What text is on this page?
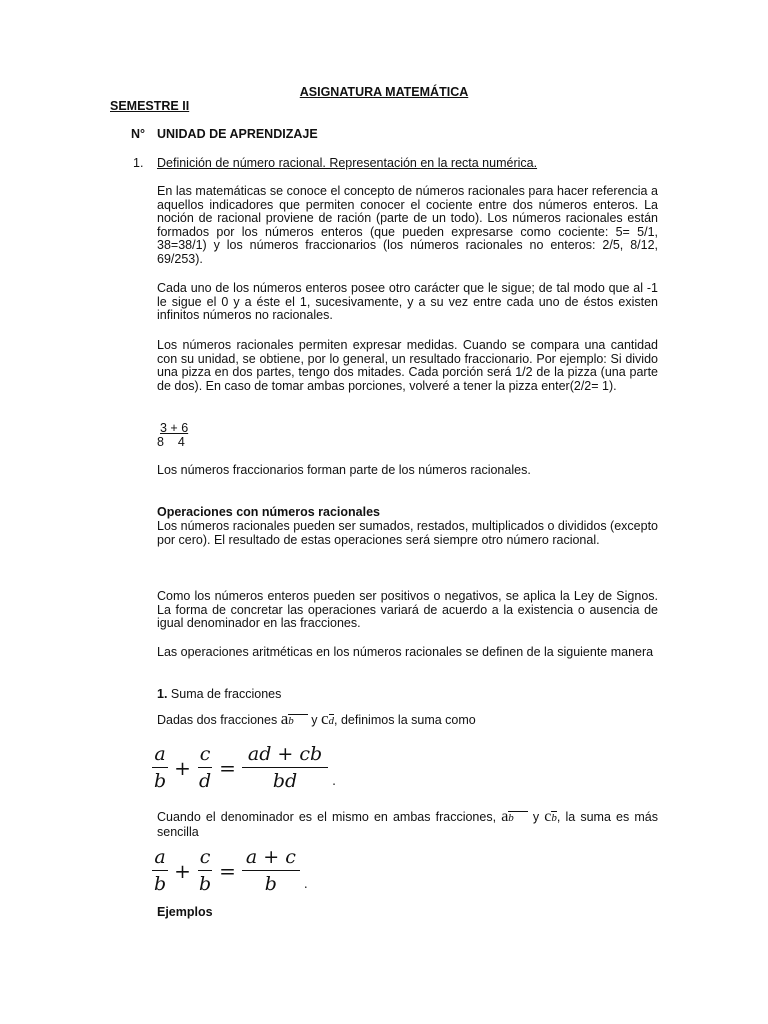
ASIGNATURA MATEMÁTICA
SEMESTRE II
N° UNIDAD DE APRENDIZAJE
1. Definición de número racional. Representación en la recta numérica.
En las matemáticas se conoce el concepto de números racionales para hacer referencia a aquellos indicadores que permiten conocer el cociente entre dos números enteros. La noción de racional proviene de ración (parte de un todo). Los números racionales están formados por los números enteros (que pueden expresarse como cociente: 5= 5/1, 38=38/1) y los números fraccionarios (los números racionales no enteros: 2/5, 8/12, 69/253).
Cada uno de los números enteros posee otro carácter que le sigue; de tal modo que al -1 le sigue el 0 y a éste el 1, sucesivamente, y a su vez entre cada uno de éstos existen infinitos números no racionales.
Los números racionales permiten expresar medidas. Cuando se compara una cantidad con su unidad, se obtiene, por lo general, un resultado fraccionario. Por ejemplo: Si divido una pizza en dos partes, tengo dos mitades. Cada porción será 1/2 de la pizza (una parte de dos). En caso de tomar ambas porciones, volveré a tener la pizza enter(2/2= 1).
$\frac{3 + 6}{8 4}$
Los números fraccionarios forman parte de los números racionales.
Operaciones con números racionales
Los números racionales pueden ser sumados, restados, multiplicados o divididos (excepto por cero). El resultado de estas operaciones será siempre otro número racional.
Como los números enteros pueden ser positivos o negativos, se aplica la Ley de Signos. La forma de concretar las operaciones variará de acuerdo a la existencia o ausencia de igual denominador en las fracciones.
Las operaciones aritméticas en los números racionales se definen de la siguiente manera
1. Suma de fracciones
Dadas dos fracciones ab y cd, definimos la suma como
a
b
+ $\frac{c}{d} = \frac{ad + cb}{bd}$ .
Cuando el denominador es el mismo en ambas fracciones, ab y cb, la suma es más sencilla
a
b
+ $\frac{c}{b} = \frac{a + c}{b}$ .
Ejemplos
